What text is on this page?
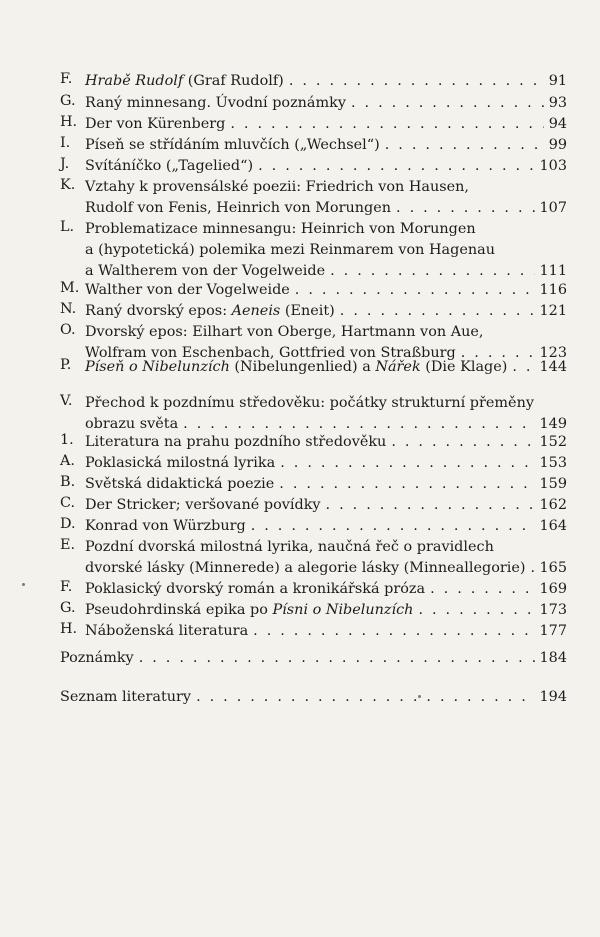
F. Hrabě Rudolf (Graf Rudolf) . . .	91
G. Raný minnesang. Úvodní poznámky . . .	93
H. Der von Kürenberg . . .	94
I. Píseň se střídáním mluvčích („Wechsel“) . . .	99
J. Svítáníčko („Tagelied“) . . .	103
K. Vztahy k provensálské poezii: Friedrich von Hausen,
Rudolf von Fenis, Heinrich von Morungen . . .	107
L. Problematizace minnesangu: Heinrich von Morungen
a (hypotetická) polemika mezi Reinmarem von Hagenau
a Waltherem von der Vogelweide . . .	111
M. Walther von der Vogelweide . . .	116
N. Raný dvorský epos: Aeneis (Eneit) . . .	121
O. Dvorský epos: Eilhart von Oberge, Hartmann von Aue,
Wolfram von Eschenbach, Gottfried von Straßburg . . .	123
P. Píseň o Nibelunzích (Nibelungenlied) a Nářek (Die Klage) . . . 144
V. Přechod k pozdnímu středověku: počátky strukturní přeměny
obrazu světa . . .	149
1. Literatura na prahu pozdního středověku . . .	152
A. Poklasická milostná lyrika . . .	153
B. Světská didaktická poezie . . .	159
C. Der Stricker; veršované povídky . . .	162
D. Konrad von Würzburg . . .	164
E. Pozdní dvorská milostná lyrika, naučná řeč o pravidlech
dvorské lásky (Minnerede) a alegorie lásky (Minneallegorie) . . . 165
F. Poklasický dvorský román a kronikářská próza . . .	169
G. Pseudohrdinská epika po Písni o Nibelunzích . . .	173
H. Náboženská literatura . . .	177
Poznámky . . .	184
Seznam literatury . . .	194
